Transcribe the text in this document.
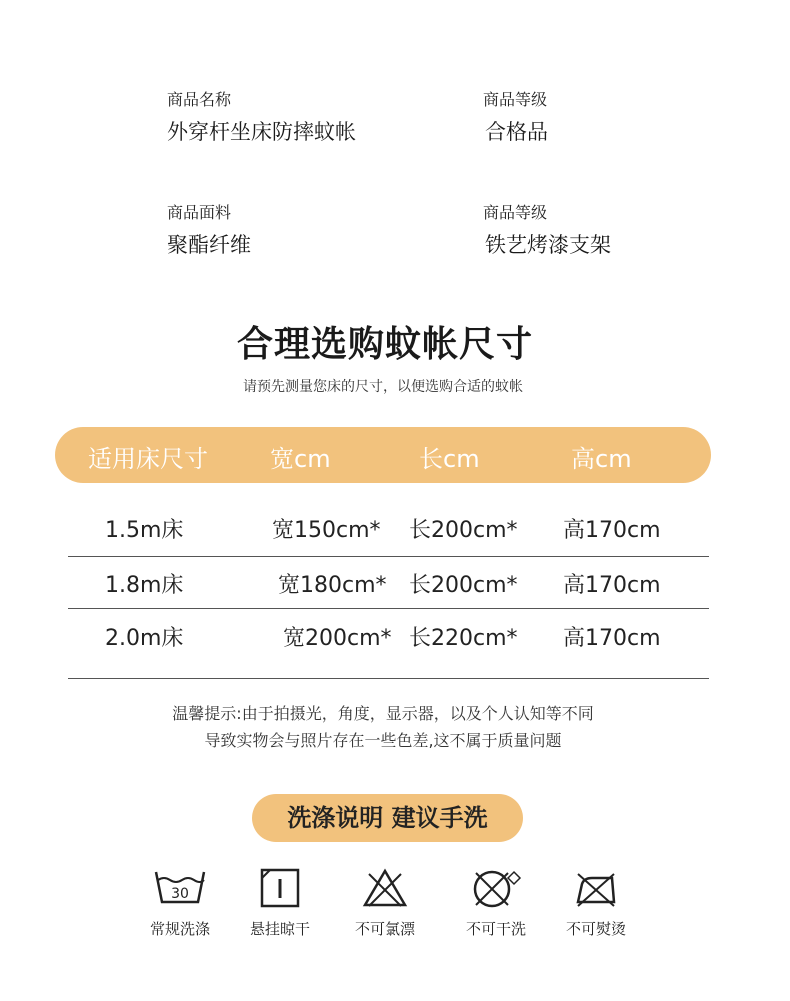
商品名称
外穿杆坐床防摔蚊帐
商品等级
合格品
商品面料
聚酯纤维
商品等级
铁艺烤漆支架
合理选购蚊帐尺寸
请预先测量您床的尺寸，以便选购合适的蚊帐
适用床尺寸	宽cm	长cm	高cm
1.5m床	宽150cm* 长200cm* 高170cm
1.8m床	宽180cm* 长200cm* 高170cm
2.0m床	宽200cm* 长220cm* 高170cm
温馨提示:由于拍摄光，角度，显示器，以及个人认知等不同
导致实物会与照片存在一些色差,这不属于质量问题
洗涤说明 建议手洗
30
常规洗涤	悬挂晾干	不可氯漂	不可干洗	不可熨烫
